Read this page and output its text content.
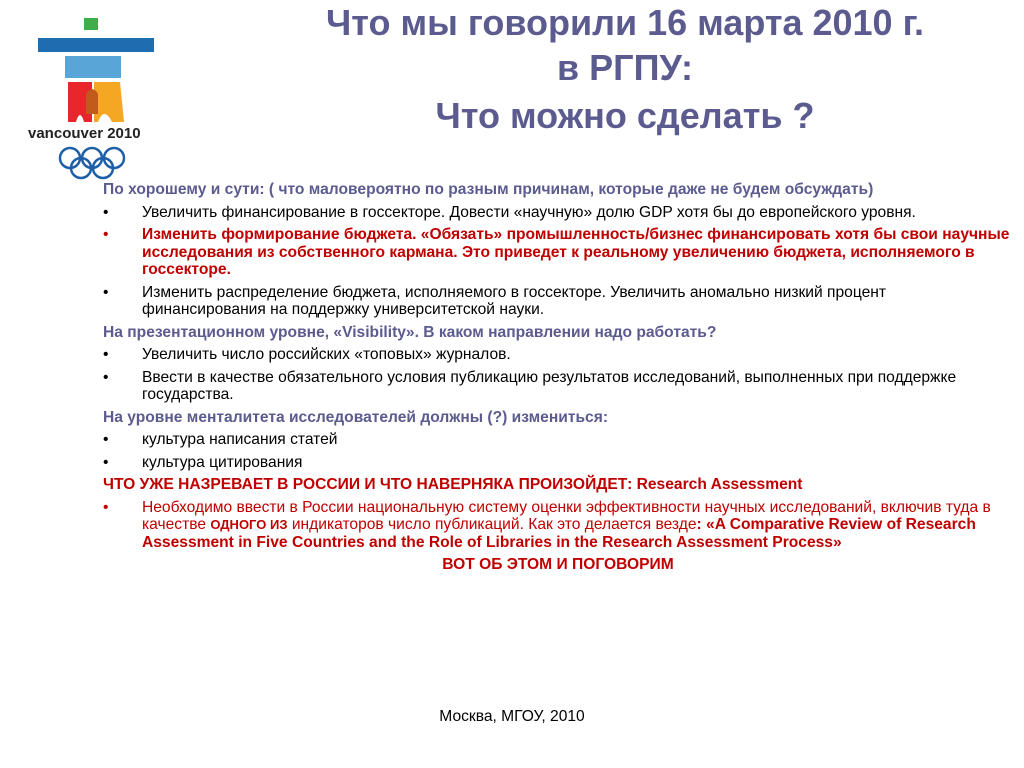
vancouver 2010
Что мы говорили 16 марта 2010 г.
в РГПУ:
Что можно сделать ?
По хорошему и сути: ( что маловероятно по разным причинам, которые даже не будем обсуждать)
• Увеличить финансирование в госсекторе. Довести «научную» долю GDP хотя бы до европейского уровня.
• Изменить формирование бюджета. «Обязать» промышленность/бизнес финансировать хотя бы свои научные исследования из собственного кармана. Это приведет к реальному увеличению бюджета, исполняемого в госсекторе.
• Изменить распределение бюджета, исполняемого в госсекторе. Увеличить аномально низкий процент финансирования на поддержку университетской науки.
На презентационном уровне, «Visibility». В каком направлении надо работать?
• Увеличить число российских «топовых» журналов.
• Ввести в качестве обязательного условия публикацию результатов исследований, выполненных при поддержке государства.
На уровне менталитета исследователей должны (?) измениться:
• культура написания статей
• культура цитирования
ЧТО УЖЕ НАЗРЕВАЕТ В РОССИИ И ЧТО НАВЕРНЯКА ПРОИЗОЙДЕТ: Research Assessment
• Необходимо ввести в России национальную систему оценки эффективности научных исследований, включив туда в качестве ОДНОГО ИЗ индикаторов число публикаций. Как это делается везде: «A Comparative Review of Research Assessment in Five Countries and the Role of Libraries in the Research Assessment Process»
ВОТ ОБ ЭТОМ И ПОГОВОРИМ
Москва, МГОУ, 2010
